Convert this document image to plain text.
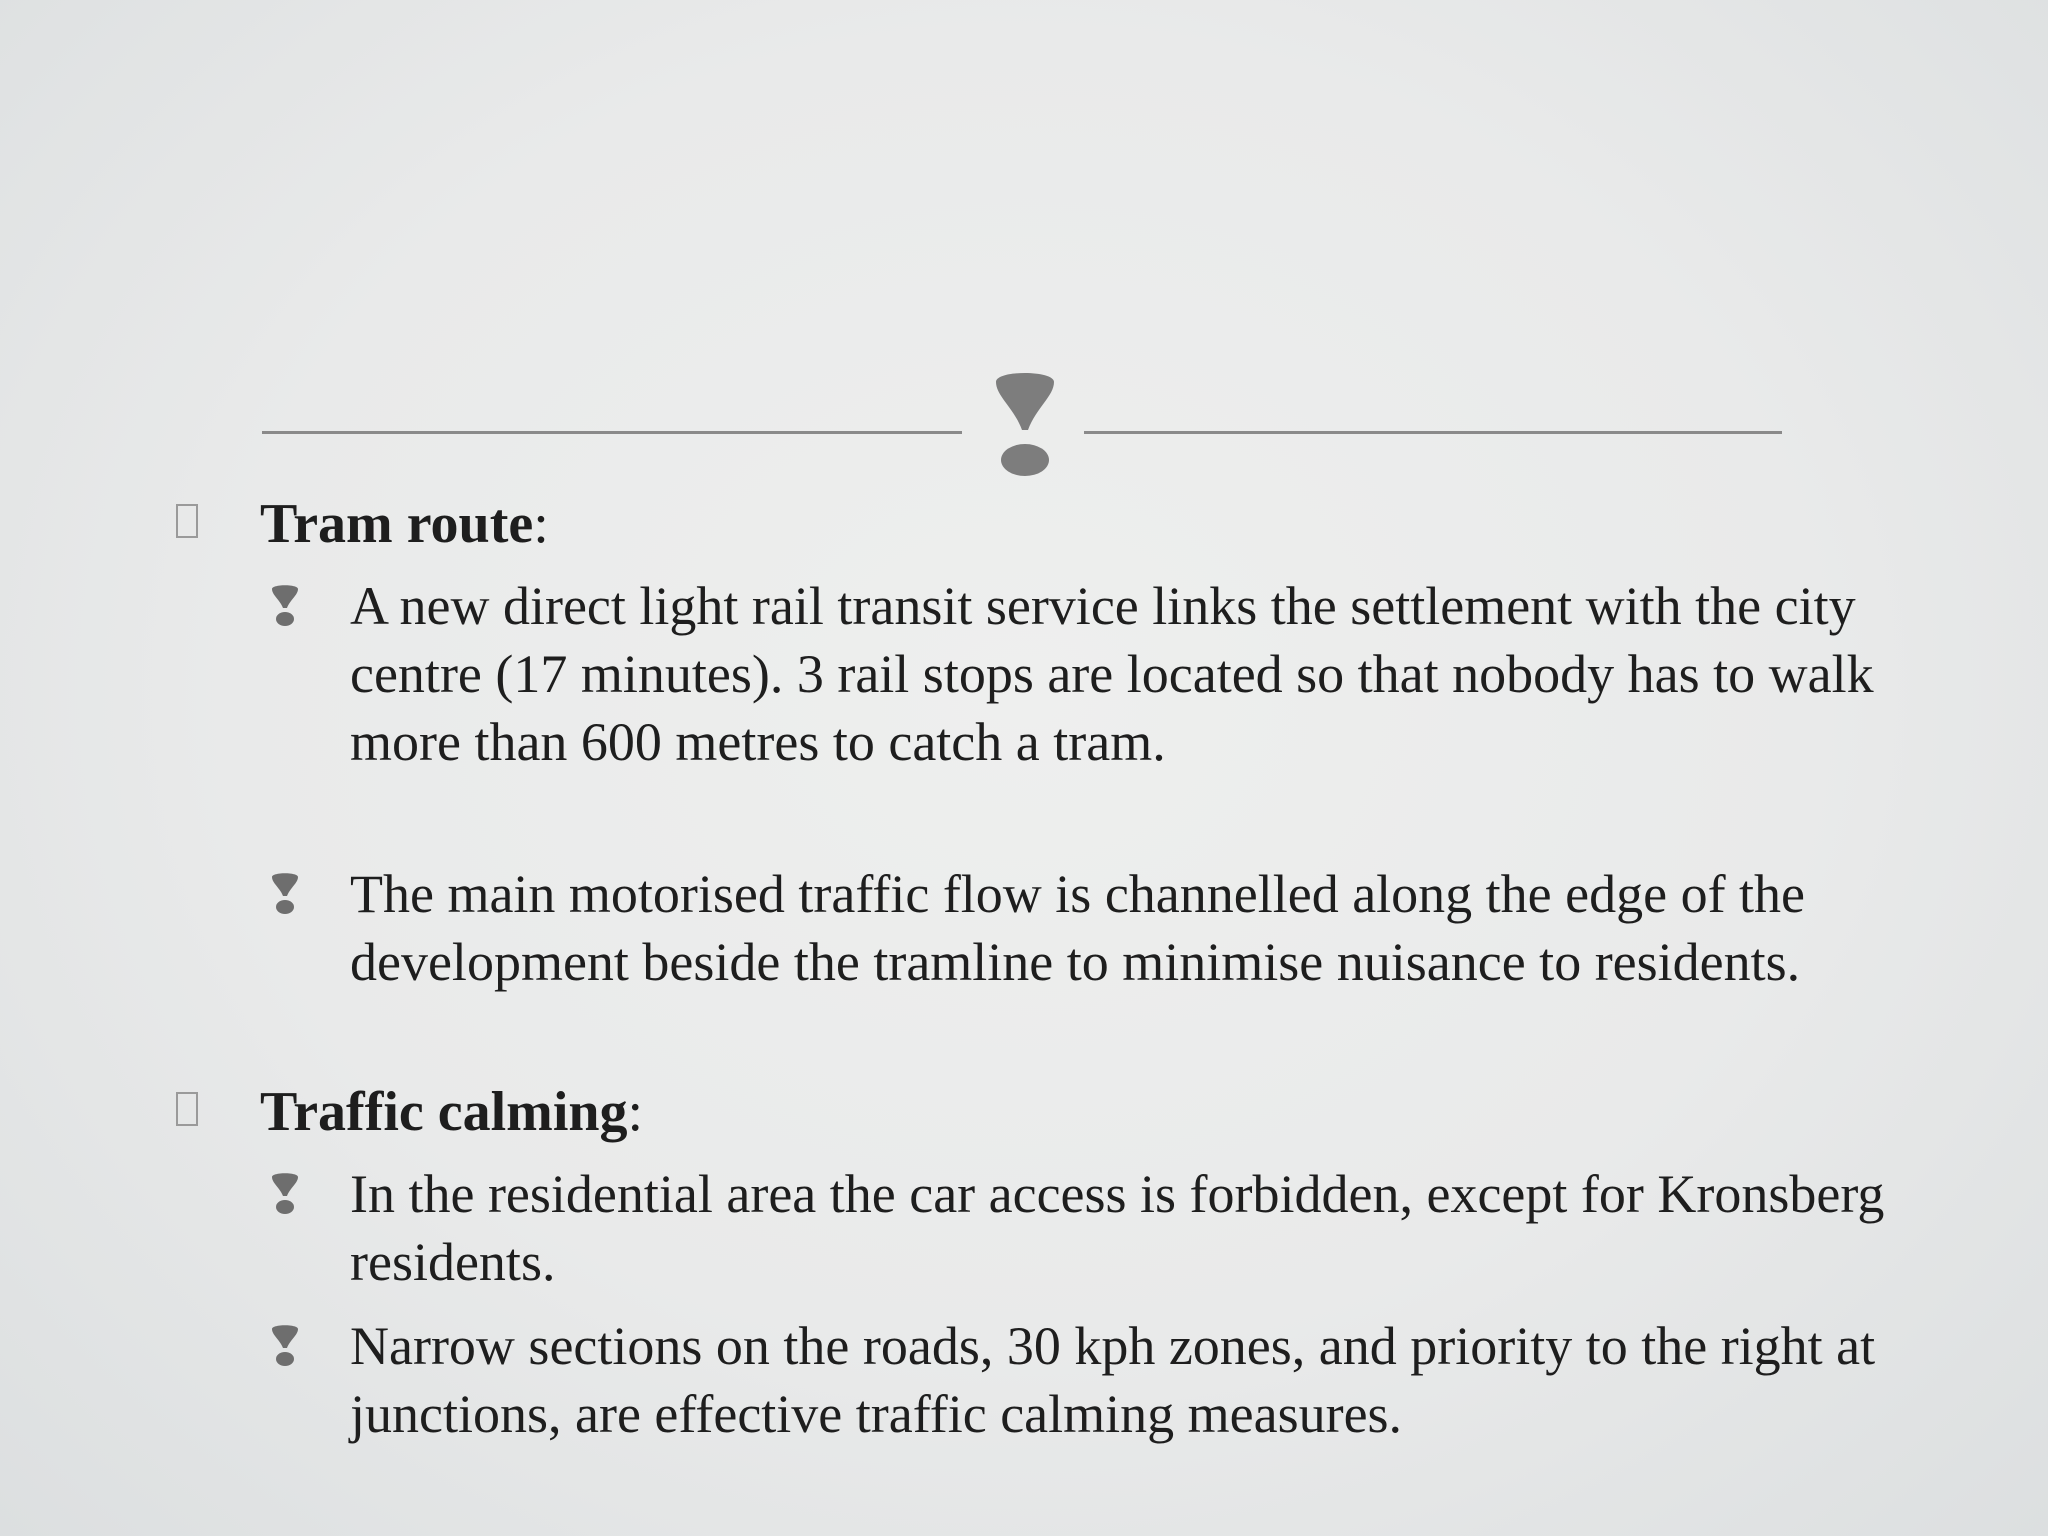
Tram route:

A new direct light rail transit service links the settlement with the city centre (17 minutes). 3 rail stops are located so that nobody has to walk more than 600 metres to catch a tram.

The main motorised traffic flow is channelled along the edge of the development beside the tramline to minimise nuisance to residents.

Traffic calming:

In the residential area the car access is forbidden, except for Kronsberg residents.

Narrow sections on the roads, 30 kph zones, and priority to the right at junctions, are effective traffic calming measures.
